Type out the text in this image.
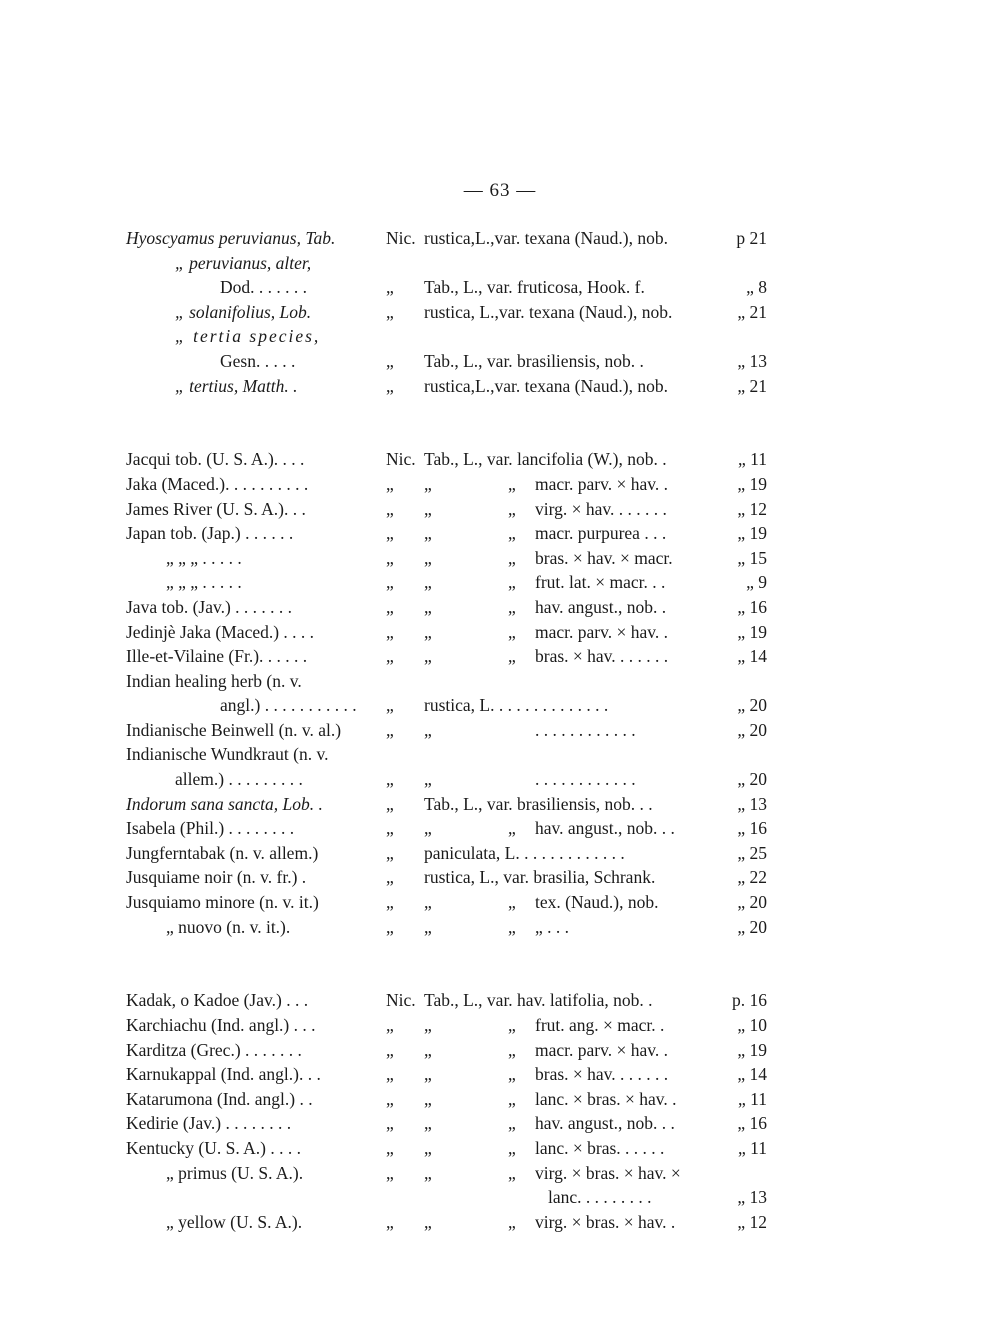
— 63 —
Hyoscyamus peruvianus, Tab.	Nic. rustica,L.,var. texana (Naud.), nob.	p 21
„ peruvianus, alter,
Dod. . . . . . .	„ Tab., L., var. fruticosa, Hook. f.	„ 8
„ solanifolius, Lob.	„ rustica, L.,var. texana (Naud.), nob.	„ 21
„ tertia species,
Gesn. . . . .	„ Tab., L., var. brasiliensis, nob. .	„ 13
„ tertius, Matth. .	„ rustica,L.,var. texana (Naud.), nob.	„ 21
Jacqui tob. (U. S. A.). . . .	Nic. Tab., L., var. lancifolia (W.), nob. .	„ 11
Jaka (Maced.). . . . . . . . . .	„ „	„ macr. parv. × hav. .	„ 19
James River (U. S. A.). . .	„ „	„ virg. × hav. . . . . . .	„ 12
Japan tob. (Jap.) . . . . . .	„ „	„ macr. purpurea . . .	„ 19
„ „ „ . . . . .	„ „	„ bras. × hav. × macr.	„ 15
„ „ „ . . . . .	„ „	„ frut. lat. × macr. . .	„ 9
Java tob. (Jav.) . . . . . . .	„ „	„ hav. angust., nob. .	„ 16
Jedinjè Jaka (Maced.) . . . .	„ „	„ macr. parv. × hav. .	„ 19
Ille-et-Vilaine (Fr.). . . . . .	„ „	„ bras. × hav. . . . . . .	„ 14
Indian healing herb (n. v.
angl.) . . . . . . . . . . . „ rustica, L. . . . . . . . . . . . . .	„ 20
Indianische Beinwell (n. v. al.)	„ „	. . . . . . . . . . . .	„ 20
Indianische Wundkraut (n. v.
allem.) . . . . . . . . .	„ „	. . . . . . . . . . . .	„ 20
Indorum sana sancta, Lob. .	„ Tab., L., var. brasiliensis, nob. . .	„ 13
Isabela (Phil.) . . . . . . . .	„ „	„ hav. angust., nob. . .	„ 16
Jungferntabak (n. v. allem.)	„ paniculata, L. . . . . . . . . . . . .	„ 25
Jusquiame noir (n. v. fr.) .	„ rustica, L., var. brasilia, Schrank.	„ 22
Jusquiamo minore (n. v. it.)	„ „	„ tex. (Naud.), nob.	„ 20
„ nuovo (n. v. it.).	„ „	„ „ . . .	„ 20
Kadak, o Kadoe (Jav.) . . .	Nic. Tab., L., var. hav. latifolia, nob. .	p. 16
Karchiachu (Ind. angl.) . . .	„ „	„ frut. ang. × macr. .	„ 10
Karditza (Grec.) . . . . . . .	„ „	„ macr. parv. × hav. .	„ 19
Karnukappal (Ind. angl.). . .	„ „	„ bras. × hav. . . . . . .	„ 14
Katarumona (Ind. angl.) . .	„ „	„ lanc. × bras. × hav. .	„ 11
Kedirie (Jav.) . . . . . . . .	„ „	„ hav. angust., nob. . .	„ 16
Kentucky (U. S. A.) . . . .	„ „	„ lanc. × bras. . . . . .	„ 11
„ primus (U. S. A.).	„ „	„ virg. × bras. × hav. ×
lanc. . . . . . . . .	„ 13
„ yellow (U. S. A.).	„ „	„ virg. × bras. × hav. .	„ 12
